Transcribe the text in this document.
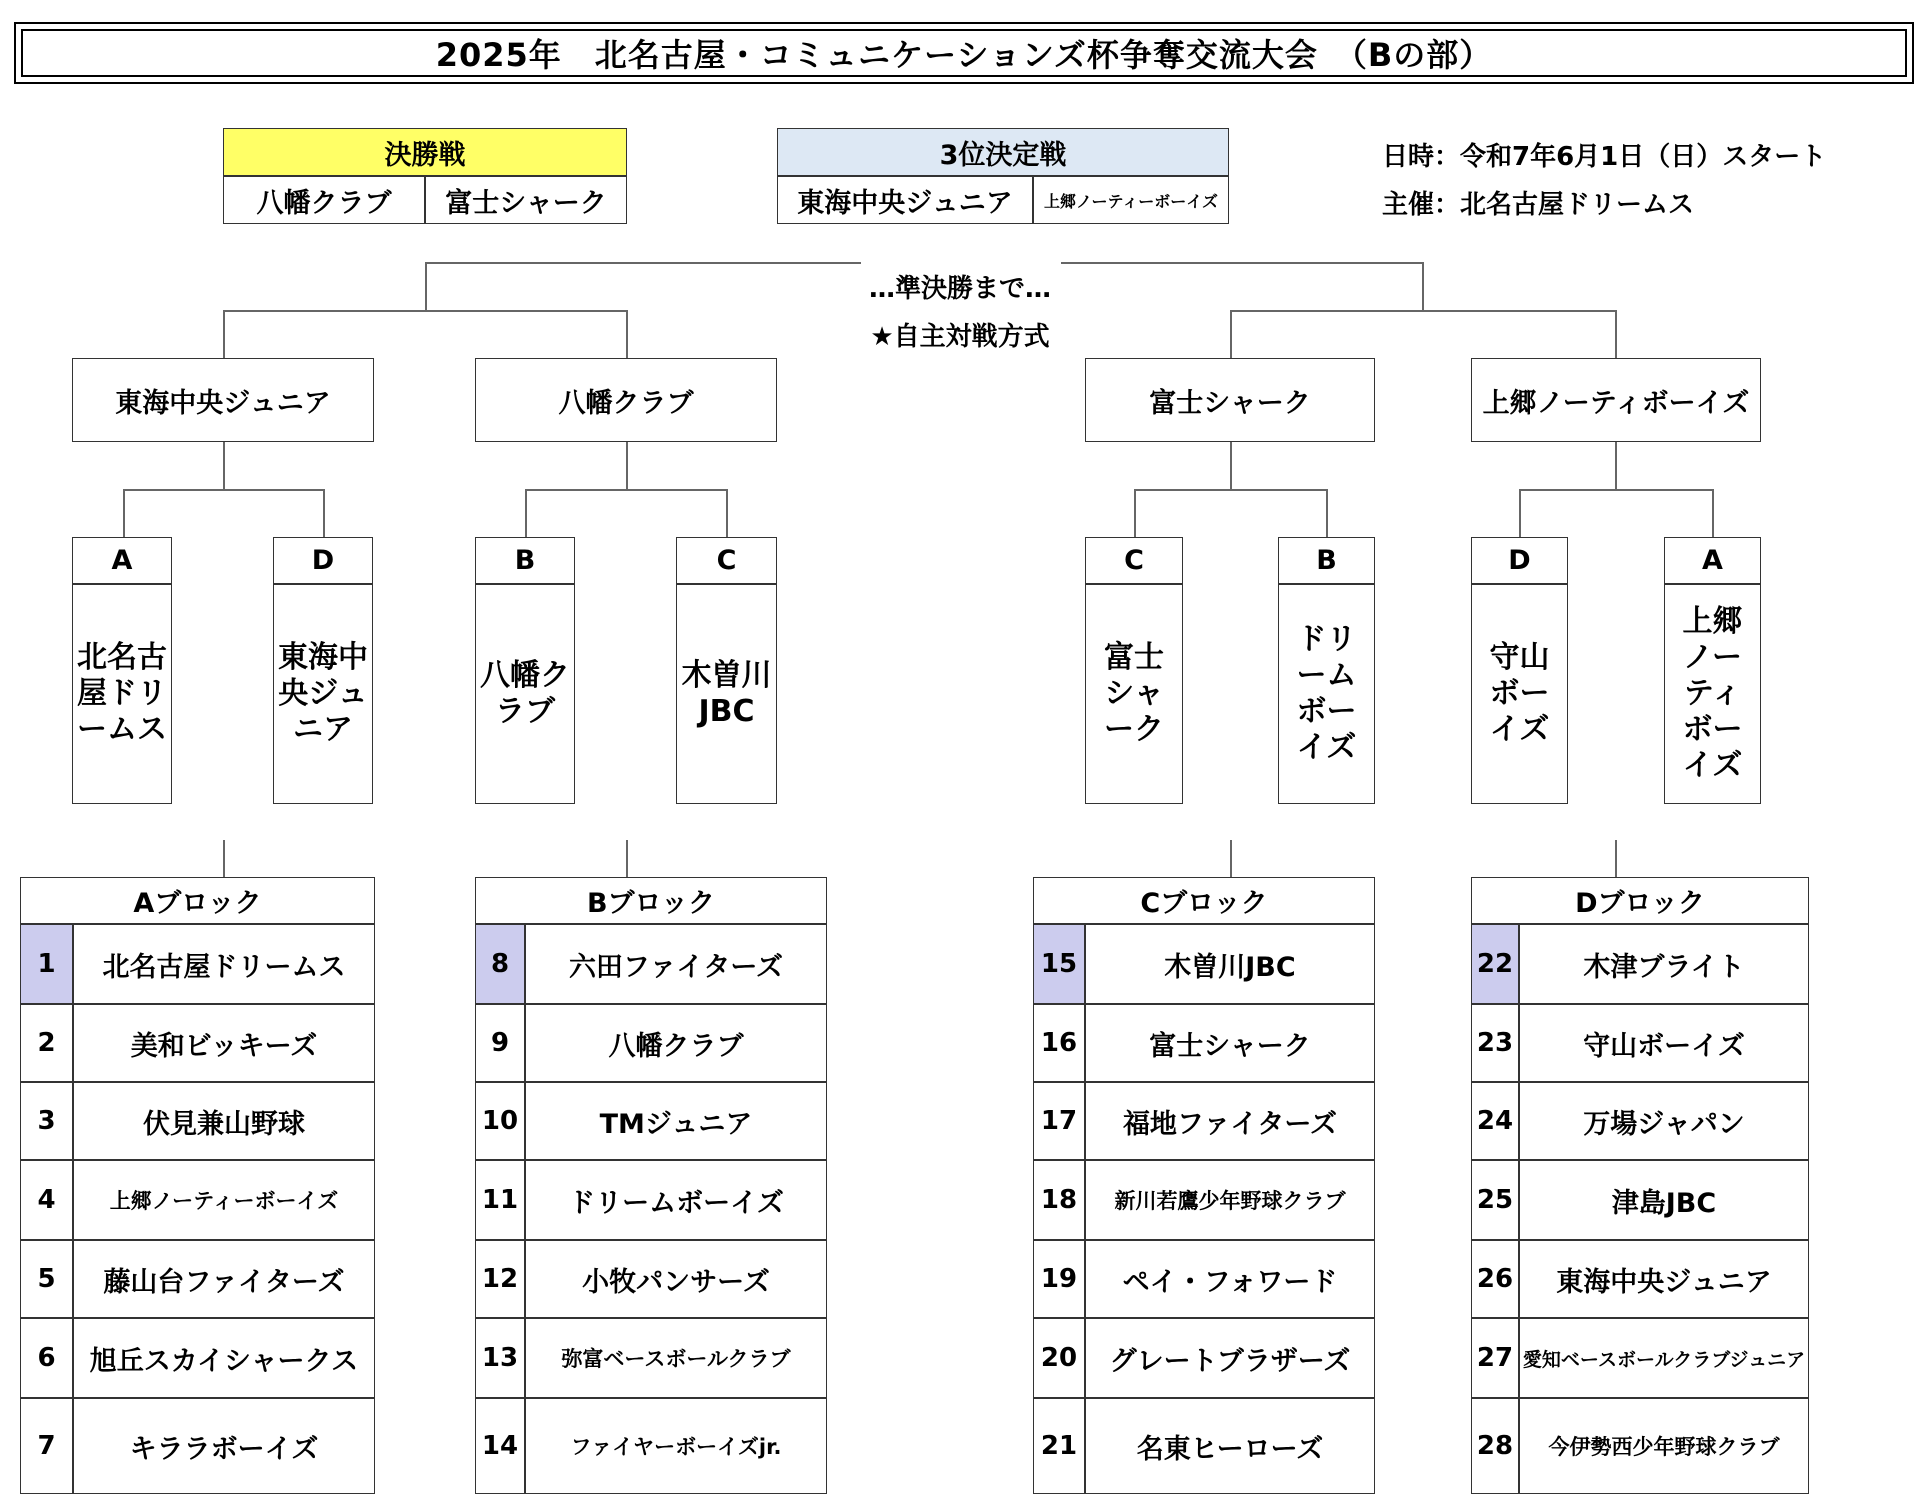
2025年　北名古屋・コミュニケーションズ杯争奪交流大会　（Bの部）
決勝戦
八幡クラブ	富士シャーク
3位決定戦
東海中央ジュニア	上郷ノーティーボーイズ
日時：令和7年6月1日（日）スタート
主催：北名古屋ドリームス
…準決勝まで…
★自主対戦方式
東海中央ジュニア	八幡クラブ	富士シャーク	上郷ノーティボーイズ
A
北名古屋ドリームス
D
東海中央ジュニア
B
八幡クラブ
C
木曽川JBC
C
富士シャーク
B
ドリームボーイズ
D
守山ボーイズ
A
上郷ノーティボーイズ
Aブロック
1	北名古屋ドリームス
2	美和ビッキーズ
3	伏見兼山野球
4	上郷ノーティーボーイズ
5	藤山台ファイターズ
6	旭丘スカイシャークス
7	キララボーイズ
Bブロック
8	六田ファイターズ
9	八幡クラブ
10	TMジュニア
11	ドリームボーイズ
12	小牧パンサーズ
13	弥富ベースボールクラブ
14	ファイヤーボーイズjr.
Cブロック
15	木曽川JBC
16	富士シャーク
17	福地ファイターズ
18	新川若鷹少年野球クラブ
19	ペイ・フォワード
20	グレートブラザーズ
21	名東ヒーローズ
Dブロック
22	木津ブライト
23	守山ボーイズ
24	万場ジャパン
25	津島JBC
26	東海中央ジュニア
27 愛知ベースボールクラブジュニア
28	今伊勢西少年野球クラブ
